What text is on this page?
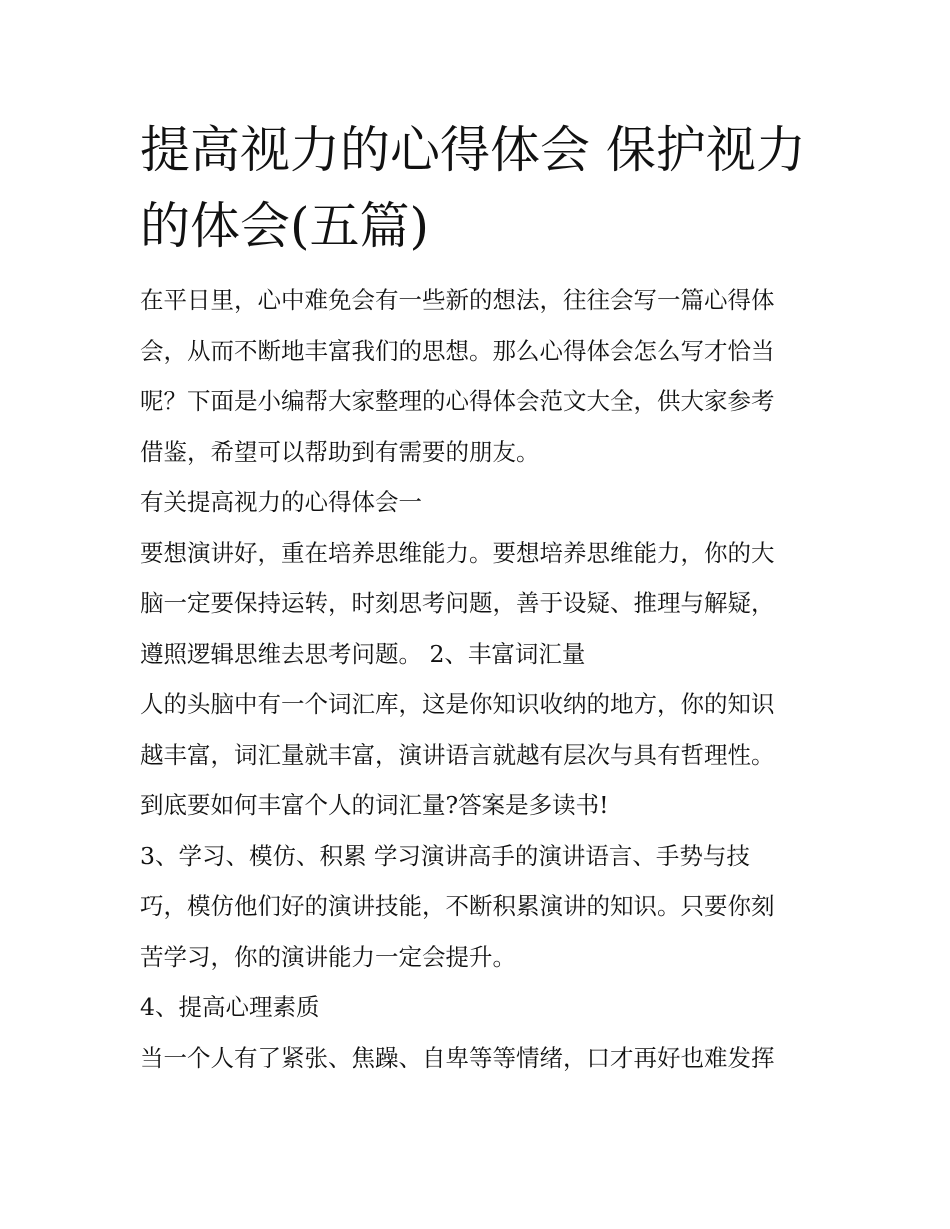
提高视力的心得体会 保护视力
的体会(五篇)
在平日里，心中难免会有一些新的想法，往往会写一篇心得体
会，从而不断地丰富我们的思想。那么心得体会怎么写才恰当
呢？下面是小编帮大家整理的心得体会范文大全，供大家参考
借鉴，希望可以帮助到有需要的朋友。
有关提高视力的心得体会一
要想演讲好，重在培养思维能力。要想培养思维能力，你的大
脑一定要保持运转，时刻思考问题，善于设疑、推理与解疑，
遵照逻辑思维去思考问题。 2、丰富词汇量
人的头脑中有一个词汇库，这是你知识收纳的地方，你的知识
越丰富，词汇量就丰富，演讲语言就越有层次与具有哲理性。
到底要如何丰富个人的词汇量?答案是多读书!
3、学习、模仿、积累 学习演讲高手的演讲语言、手势与技
巧，模仿他们好的演讲技能，不断积累演讲的知识。只要你刻
苦学习，你的演讲能力一定会提升。
4、提高心理素质
当一个人有了紧张、焦躁、自卑等等情绪，口才再好也难发挥
